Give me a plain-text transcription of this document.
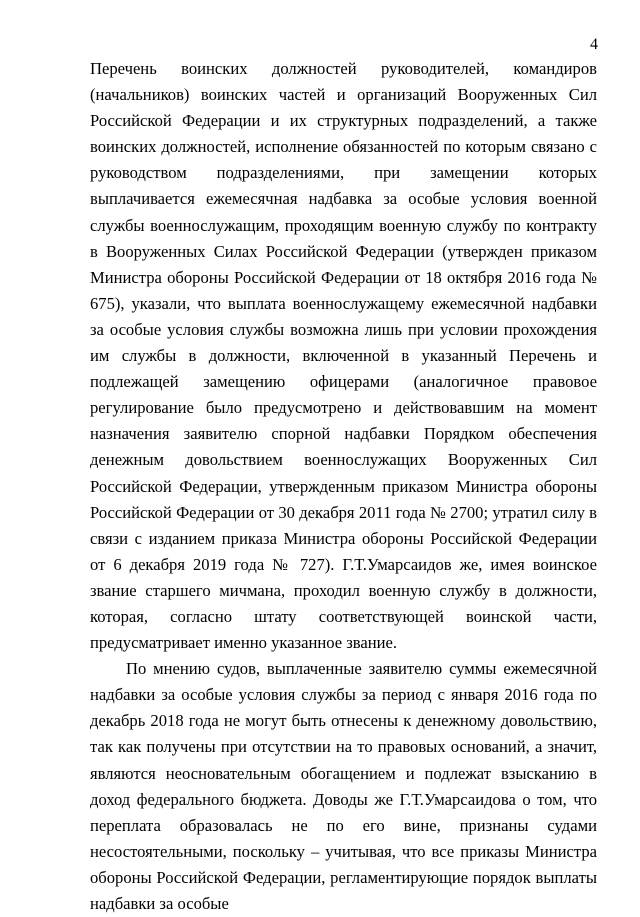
4

Перечень воинских должностей руководителей, командиров (начальников) воинских частей и организаций Вооруженных Сил Российской Федерации и их структурных подразделений, а также воинских должностей, исполнение обязанностей по которым связано с руководством подразделениями, при замещении которых выплачивается ежемесячная надбавка за особые условия военной службы военнослужащим, проходящим военную службу по контракту в Вооруженных Силах Российской Федерации (утвержден приказом Министра обороны Российской Федерации от 18 октября 2016 года № 675), указали, что выплата военнослужащему ежемесячной надбавки за особые условия службы возможна лишь при условии прохождения им службы в должности, включенной в указанный Перечень и подлежащей замещению офицерами (аналогичное правовое регулирование было предусмотрено и действовавшим на момент назначения заявителю спорной надбавки Порядком обеспечения денежным довольствием военнослужащих Вооруженных Сил Российской Федерации, утвержденным приказом Министра обороны Российской Федерации от 30 декабря 2011 года № 2700; утратил силу в связи с изданием приказа Министра обороны Российской Федерации от 6 декабря 2019 года № 727). Г.Т.Умарсаидов же, имея воинское звание старшего мичмана, проходил военную службу в должности, которая, согласно штату соответствующей воинской части, предусматривает именно указанное звание.

По мнению судов, выплаченные заявителю суммы ежемесячной надбавки за особые условия службы за период с января 2016 года по декабрь 2018 года не могут быть отнесены к денежному довольствию, так как получены при отсутствии на то правовых оснований, а значит, являются неосновательным обогащением и подлежат взысканию в доход федерального бюджета. Доводы же Г.Т.Умарсаидова о том, что переплата образовалась не по его вине, признаны судами несостоятельными, поскольку – учитывая, что все приказы Министра обороны Российской Федерации, регламентирующие порядок выплаты надбавки за особые
